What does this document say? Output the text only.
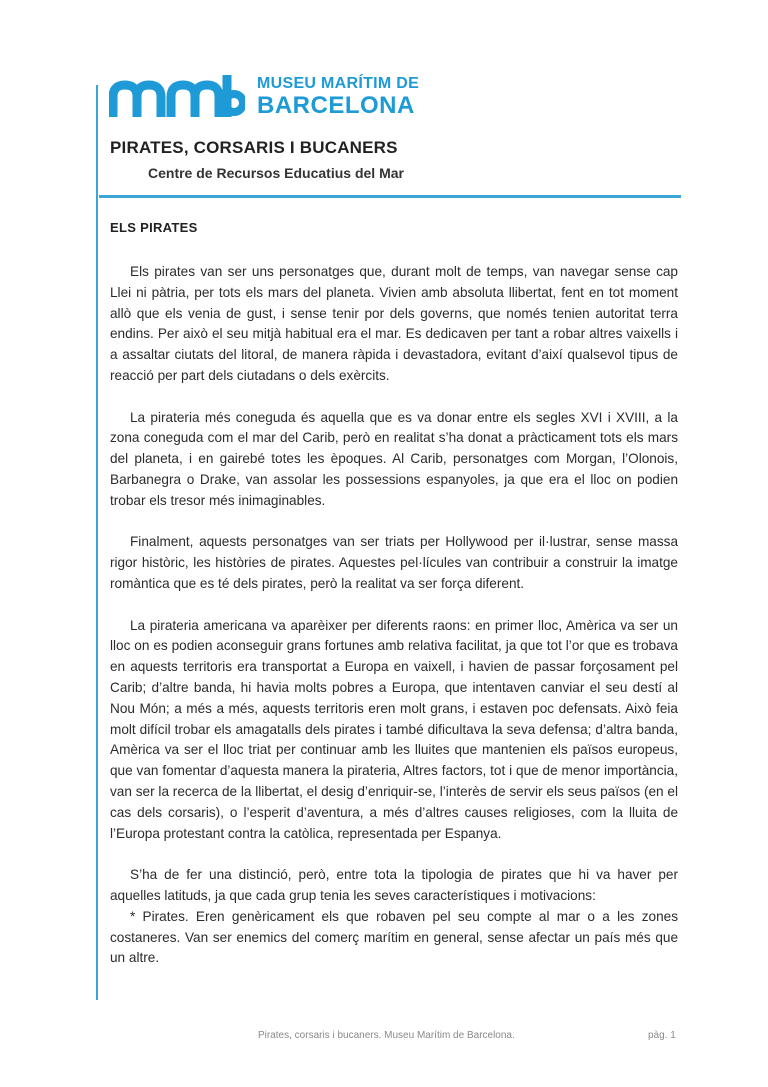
MUSEU MARÍTIM DE
BARCELONA
PIRATES, CORSARIS I BUCANERS
Centre de Recursos Educatius del Mar
ELS PIRATES

Els pirates van ser uns personatges que, durant molt de temps, van navegar sense cap Llei ni pàtria, per tots els mars del planeta. Vivien amb absoluta llibertat, fent en tot moment allò que els venia de gust, i sense tenir por dels governs, que només tenien autoritat terra endins. Per això el seu mitjà habitual era el mar. Es dedicaven per tant a robar altres vaixells i a assaltar ciutats del litoral, de manera ràpida i devastadora, evitant d’així qualsevol tipus de reacció per part dels ciutadans o dels exèrcits.

La pirateria més coneguda és aquella que es va donar entre els segles XVI i XVIII, a la zona coneguda com el mar del Carib, però en realitat s’ha donat a pràcticament tots els mars del planeta, i en gairebé totes les èpoques. Al Carib, personatges com Morgan, l’Olonois, Barbanegra o Drake, van assolar les possessions espanyoles, ja que era el lloc on podien trobar els tresor més inimaginables.

Finalment, aquests personatges van ser triats per Hollywood per il·lustrar, sense massa rigor històric, les històries de pirates. Aquestes pel·lícules van contribuir a construir la imatge romàntica que es té dels pirates, però la realitat va ser força diferent.

La pirateria americana va aparèixer per diferents raons: en primer lloc, Amèrica va ser un lloc on es podien aconseguir grans fortunes amb relativa facilitat, ja que tot l’or que es trobava en aquests territoris era transportat a Europa en vaixell, i havien de passar forçosament pel Carib; d’altre banda, hi havia molts pobres a Europa, que intentaven canviar el seu destí al Nou Món; a més a més, aquests territoris eren molt grans, i estaven poc defensats. Això feia molt difícil trobar els amagatalls dels pirates i també dificultava la seva defensa; d’altra banda, Amèrica va ser el lloc triat per continuar amb les lluites que mantenien els països europeus, que van fomentar d’aquesta manera la pirateria, Altres factors, tot i que de menor importància, van ser la recerca de la llibertat, el desig d’enriquir-se, l’interès de servir els seus països (en el cas dels corsaris), o l’esperit d’aventura, a més d’altres causes religioses, com la lluita de l’Europa protestant contra la catòlica, representada per Espanya.

S’ha de fer una distinció, però, entre tota la tipologia de pirates que hi va haver per aquelles latituds, ja que cada grup tenia les seves característiques i motivacions:

* Pirates. Eren genèricament els que robaven pel seu compte al mar o a les zones costaneres. Van ser enemics del comerç marítim en general, sense afectar un país més que un altre.

Pirates, corsaris i bucaners. Museu Marítim de Barcelona.	pàg. 1
